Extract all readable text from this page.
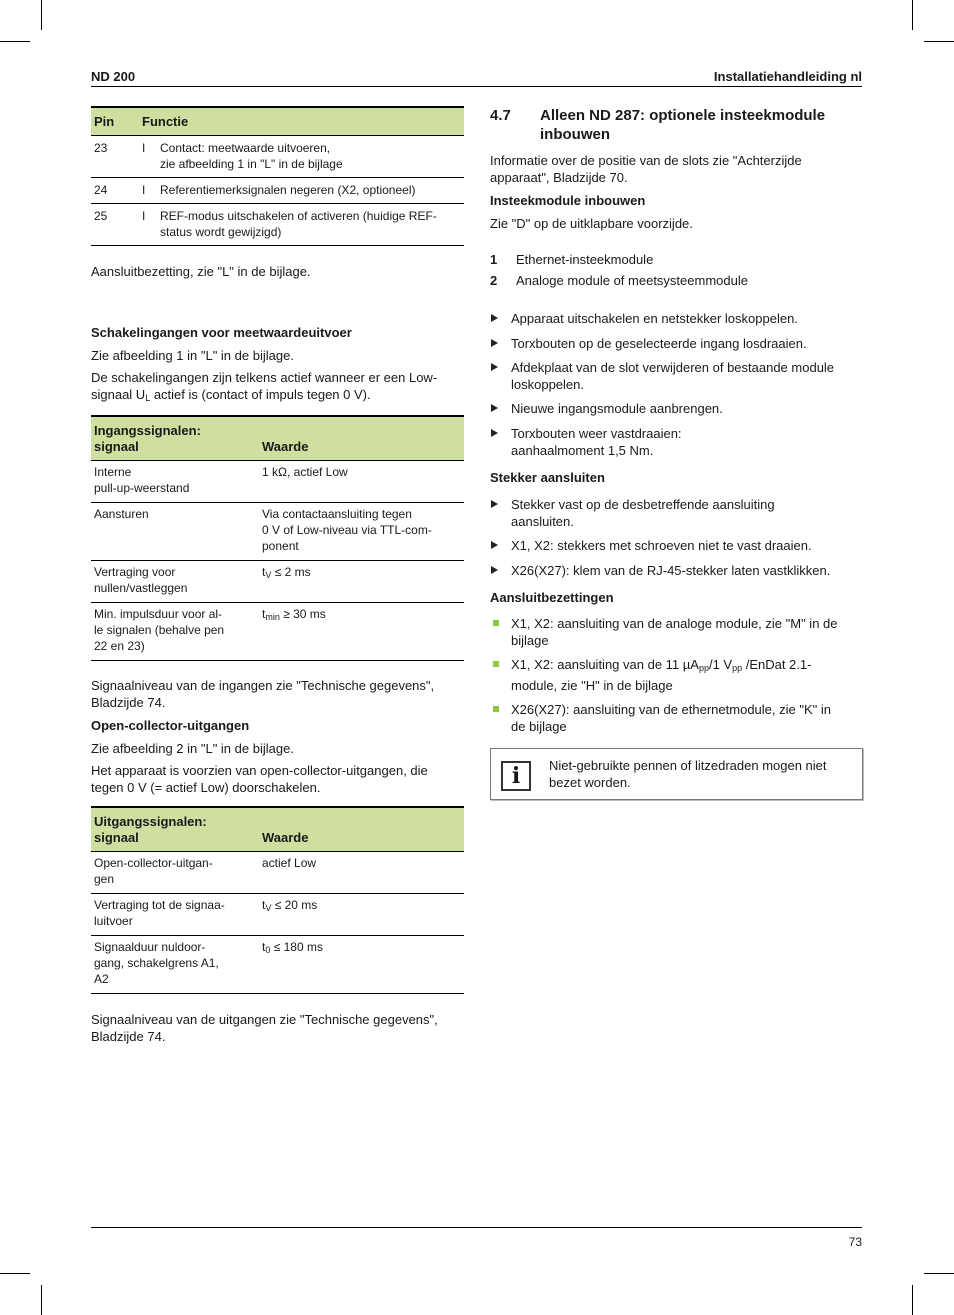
ND 200	Installatiehandleiding nl
Pin	Functie	
23	I	Contact: meetwaarde uitvoeren,
zie afbeelding 1 in "L" in de bijlage
24	I	Referentiemerksignalen negeren (X2, optioneel)
25	I	REF-modus uitschakelen of activeren (huidige REF-
status wordt gewijzigd)

Aansluitbezetting, zie "L" in de bijlage.

Schakelingangen voor meetwaardeuitvoer

Zie afbeelding 1 in "L" in de bijlage.

De schakelingangen zijn telkens actief wanneer er een Low-
signaal $U_L$ actief is (contact of impuls tegen 0 V).

Ingangssignalen:
signaal	Waarde
Interne
pull-up-weerstand	1 kΩ, actief Low
Aansturen	Via contactaansluiting tegen
0 V of Low-niveau via TTL-com-
ponent
Vertraging voor
nullen/vastleggen	$t_V \le 2$ ms
Min. impulsduur voor al-
le signalen (behalve pen
22 en 23)	$t_{min} \ge 30$ ms

Signaalniveau van de ingangen zie "Technische gegevens",
Bladzijde 74.

Open-collector-uitgangen

Zie afbeelding 2 in "L" in de bijlage.

Het apparaat is voorzien van open-collector-uitgangen, die
tegen 0 V (= actief Low) doorschakelen.

Uitgangssignalen:
signaal	Waarde
Open-collector-uitgan-
gen	actief Low
Vertraging tot de signaa-
luitvoer	$t_V \le 20$ ms
Signaalduur nuldoor-
gang, schakelgrens A1,
A2	$t_0 \le 180$ ms

Signaalniveau van de uitgangen zie "Technische gegevens",
Bladzijde 74.

4.7 Alleen ND 287: optionele insteekmodule
inbouwen

Informatie over de positie van de slots zie "Achterzijde
apparaat", Bladzijde 70.

Insteekmodule inbouwen

Zie "D" op de uitklapbare voorzijde.

1 Ethernet-insteekmodule
2 Analoge module of meetsysteemmodule
Apparaat uitschakelen en netstekker loskoppelen.
Torxbouten op de geselecteerde ingang losdraaien.
Afdekplaat van de slot verwijderen of bestaande module
loskoppelen.
Nieuwe ingangsmodule aanbrengen.
Torxbouten weer vastdraaien:
aanhaalmoment 1,5 Nm.

Stekker aansluiten

Stekker vast op de desbetreffende aansluiting
aansluiten.
X1, X2: stekkers met schroeven niet te vast draaien.
X26(X27): klem van de RJ-45-stekker laten vastklikken.

Aansluitbezettingen

X1, X2: aansluiting van de analoge module, zie "M" in de
bijlage
X1, X2: aansluiting van de 11 µA$_{pp}$/1 $V_{pp}$ /EnDat 2.1-
module, zie "H" in de bijlage
X26(X27): aansluiting van de ethernetmodule, zie "K" in
de bijlage
i	Niet-gebruikte pennen of litzedraden mogen niet
bezet worden.
73
